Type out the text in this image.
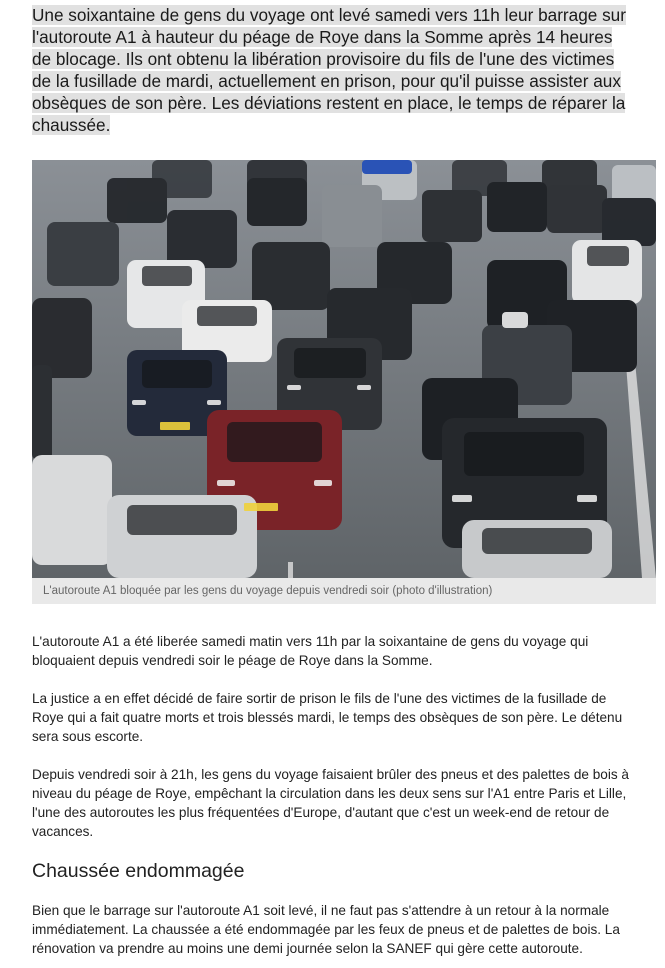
Une soixantaine de gens du voyage ont levé samedi vers 11h leur barrage sur l'autoroute A1 à hauteur du péage de Roye dans la Somme après 14 heures de blocage. Ils ont obtenu la libération provisoire du fils de l'une des victimes de la fusillade de mardi, actuellement en prison, pour qu'il puisse assister aux obsèques de son père. Les déviations restent en place, le temps de réparer la chaussée.

L'autoroute A1 bloquée par les gens du voyage depuis vendredi soir (photo d'illustration)

L'autoroute A1 a été liberée samedi matin vers 11h par la soixantaine de gens du voyage qui bloquaient depuis vendredi soir le péage de Roye dans la Somme.

La justice a en effet décidé de faire sortir de prison le fils de l'une des victimes de la fusillade de Roye qui a fait quatre morts et trois blessés mardi, le temps des obsèques de son père. Le détenu sera sous escorte.

Depuis vendredi soir à 21h, les gens du voyage faisaient brûler des pneus et des palettes de bois à niveau du péage de Roye, empêchant la circulation dans les deux sens sur l'A1 entre Paris et Lille, l'une des autoroutes les plus fréquentées d'Europe, d'autant que c'est un week-end de retour de vacances.

Chaussée endommagée

Bien que le barrage sur l'autoroute A1 soit levé, il ne faut pas s'attendre à un retour à la normale immédiatement. La chaussée a été endommagée par les feux de pneus et de palettes de bois. La rénovation va prendre au moins une demi journée selon la SANEF qui gère cette autoroute.
